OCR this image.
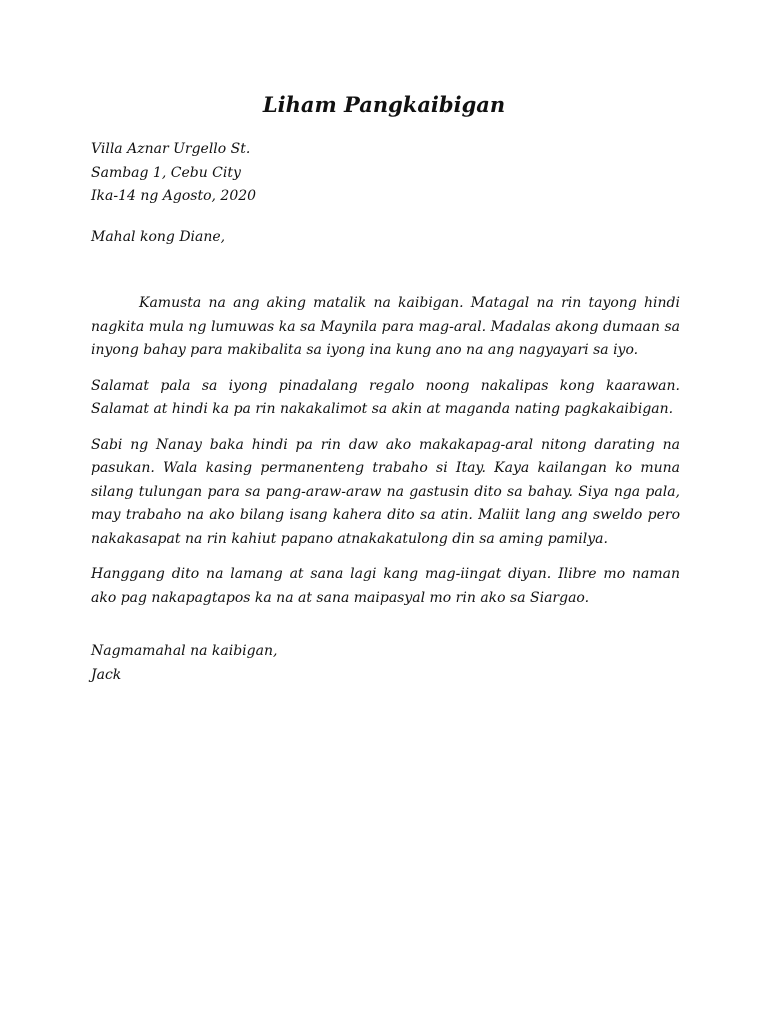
Liham Pangkaibigan
Villa Aznar Urgello St.
Sambag 1, Cebu City
Ika-14 ng Agosto, 2020

Mahal kong Diane,

Kamusta na ang aking matalik na kaibigan. Matagal na rin tayong hindi nagkita mula ng lumuwas ka sa Maynila para mag-aral. Madalas akong dumaan sa inyong bahay para makibalita sa iyong ina kung ano na ang nagyayari sa iyo.

Salamat pala sa iyong pinadalang regalo noong nakalipas kong kaarawan. Salamat at hindi ka pa rin nakakalimot sa akin at maganda nating pagkakaibigan.

Sabi ng Nanay baka hindi pa rin daw ako makakapag-aral nitong darating na pasukan. Wala kasing permanenteng trabaho si Itay. Kaya kailangan ko muna silang tulungan para sa pang-araw-araw na gastusin dito sa bahay. Siya nga pala, may trabaho na ako bilang isang kahera dito sa atin. Maliit lang ang sweldo pero nakakasapat na rin kahiut papano atnakakatulong din sa aming pamilya.

Hanggang dito na lamang at sana lagi kang mag-iingat diyan. Ilibre mo naman ako pag nakapagtapos ka na at sana maipasyal mo rin ako sa Siargao.

Nagmamahal na kaibigan,
Jack
